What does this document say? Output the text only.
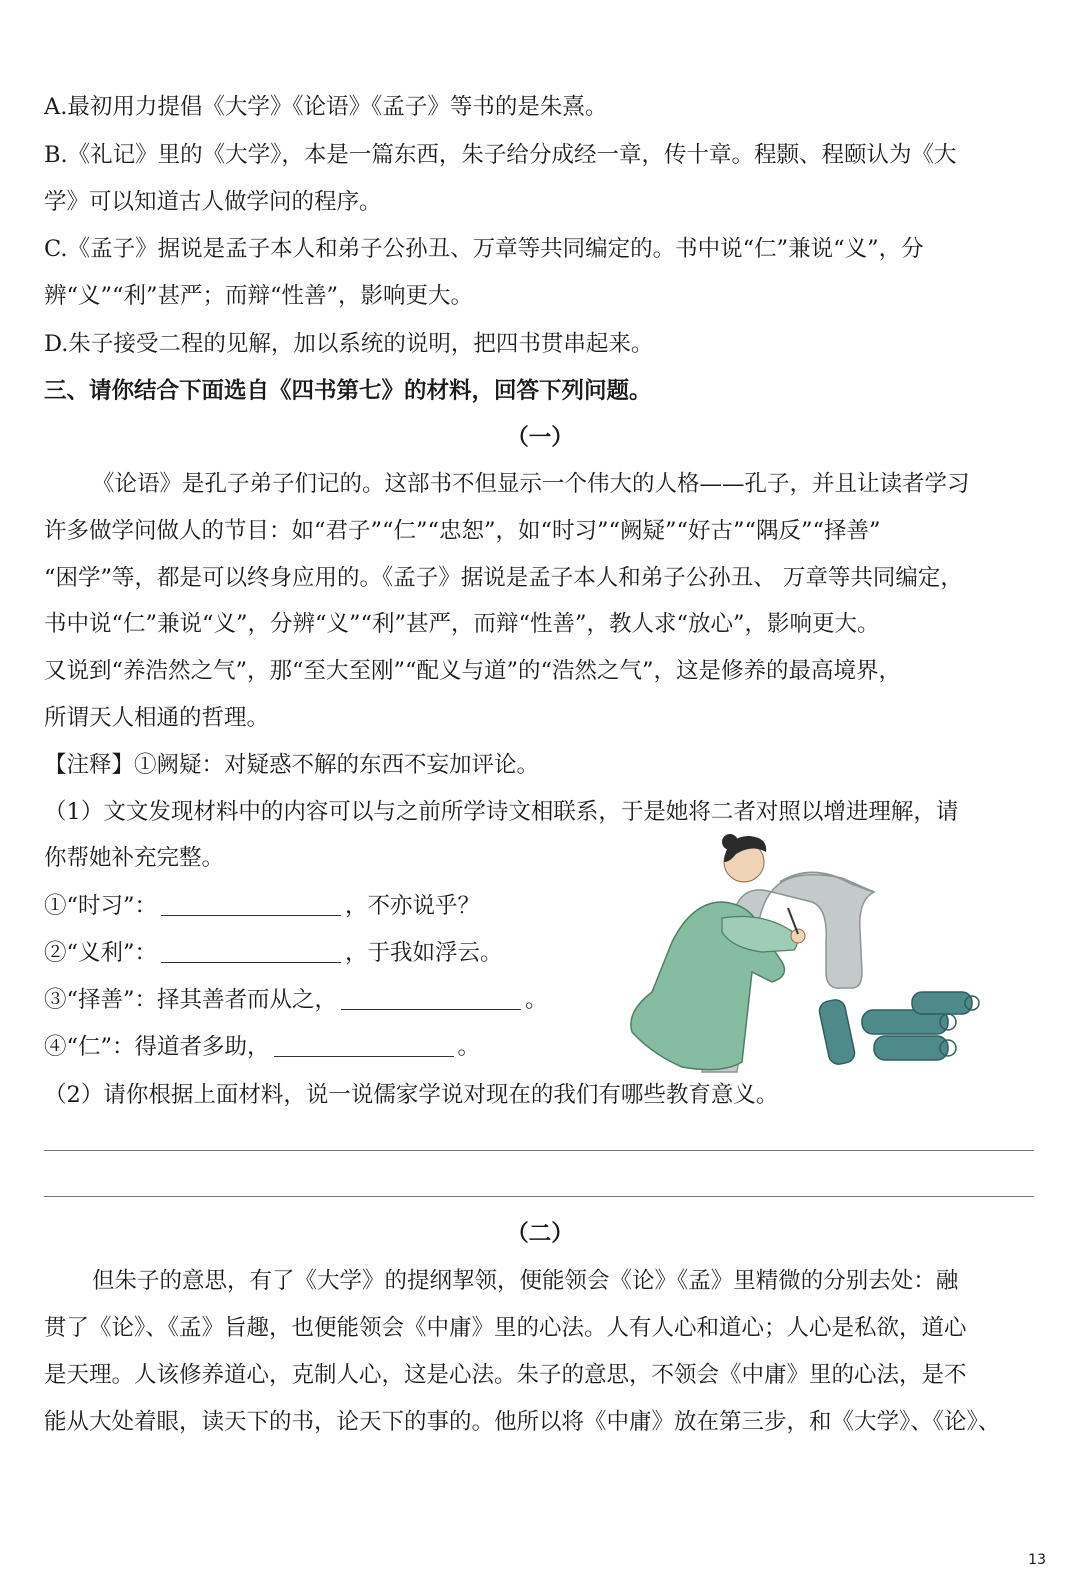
A.最初用力提倡《大学》《论语》《孟子》等书的是朱熹。
B.《礼记》里的《大学》，本是一篇东西，朱子给分成经一章，传十章。程颢、程颐认为《大
学》可以知道古人做学问的程序。
C.《孟子》据说是孟子本人和弟子公孙丑、万章等共同编定的。书中说“仁”兼说“义”，分
辨“义”“利”甚严；而辩“性善”，影响更大。
D.朱子接受二程的见解，加以系统的说明，把四书贯串起来。
三、请你结合下面选自《四书第七》的材料，回答下列问题。
（一）
《论语》是孔子弟子们记的。这部书不但显示一个伟大的人格——孔子，并且让读者学习
许多做学问做人的节目：如“君子”“仁”“忠恕”，如“时习”“阙疑”“好古”“隅反”“择善”
“困学”等，都是可以终身应用的。《孟子》据说是孟子本人和弟子公孙丑、 万章等共同编定，
书中说“仁”兼说“义”，分辨“义”“利”甚严，而辩“性善”，教人求“放心”，影响更大。
又说到“养浩然之气”，那“至大至刚”“配义与道”的“浩然之气”，这是修养的最高境界，
所谓天人相通的哲理。
【注释】①阙疑：对疑惑不解的东西不妄加评论。
（1）文文发现材料中的内容可以与之前所学诗文相联系，于是她将二者对照以增进理解，请
你帮她补充完整。
①“时习”：	，不亦说乎？
②“义利”：	，于我如浮云。
③“择善”：择其善者而从之，	。
④“仁”：得道者多助，	。
（2）请你根据上面材料，说一说儒家学说对现在的我们有哪些教育意义。
（二）
但朱子的意思，有了《大学》的提纲挈领，便能领会《论》《孟》里精微的分别去处：融
贯了《论》、《孟》旨趣，也便能领会《中庸》里的心法。人有人心和道心；人心是私欲，道心
是天理。人该修养道心，克制人心，这是心法。朱子的意思，不领会《中庸》里的心法，是不
能从大处着眼，读天下的书，论天下的事的。他所以将《中庸》放在第三步，和《大学》、《论》、
13
